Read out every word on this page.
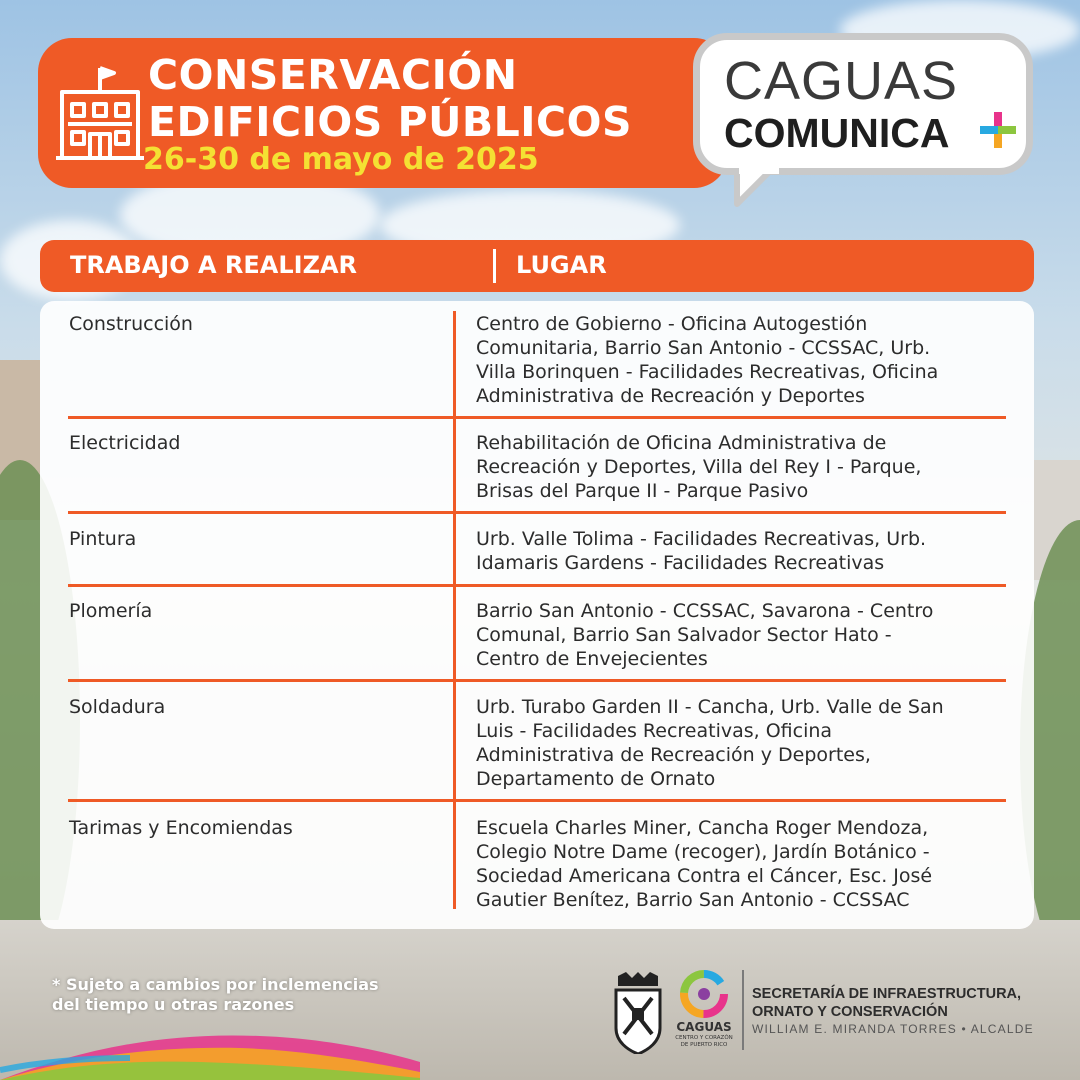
CONSERVACIÓN
EDIFICIOS PÚBLICOS
26-30 de mayo de 2025
CAGUAS
COMUNICA
TRABAJO A REALIZAR	LUGAR
Construcción	Centro de Gobierno - Oficina Autogestión
Comunitaria, Barrio San Antonio - CCSSAC, Urb.
Villa Borinquen - Facilidades Recreativas, Oficina
Administrativa de Recreación y Deportes
Electricidad	Rehabilitación de Oficina Administrativa de
Recreación y Deportes, Villa del Rey I - Parque,
Brisas del Parque II - Parque Pasivo
Pintura	Urb. Valle Tolima - Facilidades Recreativas, Urb.
Idamaris Gardens - Facilidades Recreativas
Plomería	Barrio San Antonio - CCSSAC, Savarona - Centro
Comunal, Barrio San Salvador Sector Hato -
Centro de Envejecientes
Soldadura	Urb. Turabo Garden II - Cancha, Urb. Valle de San
Luis - Facilidades Recreativas, Oficina
Administrativa de Recreación y Deportes,
Departamento de Ornato
Tarimas y Encomiendas	Escuela Charles Miner, Cancha Roger Mendoza,
Colegio Notre Dame (recoger), Jardín Botánico -
Sociedad Americana Contra el Cáncer, Esc. José
Gautier Benítez, Barrio San Antonio - CCSSAC
* Sujeto a cambios por inclemencias
del tiempo u otras razones
CAGUAS
CENTRO Y CORAZÓN
DE PUERTO RICO
SECRETARÍA DE INFRAESTRUCTURA,
ORNATO Y CONSERVACIÓN
WILLIAM E. MIRANDA TORRES • ALCALDE
